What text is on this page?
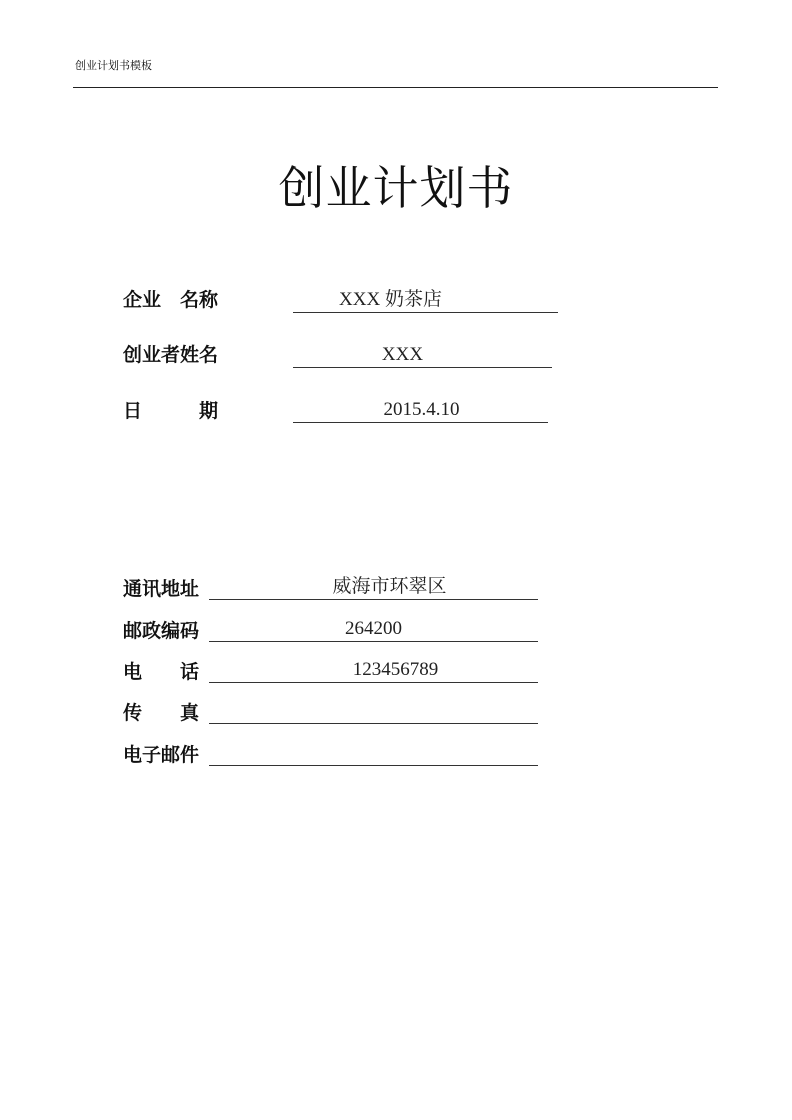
创业计划书模板
创业计划书
企业　名称	XXX 奶茶店
创业者姓名	XXX
日　　　期	2015.4.10
通讯地址	威海市环翠区
邮政编码	264200
电　　话	123456789
传　　真
电子邮件
